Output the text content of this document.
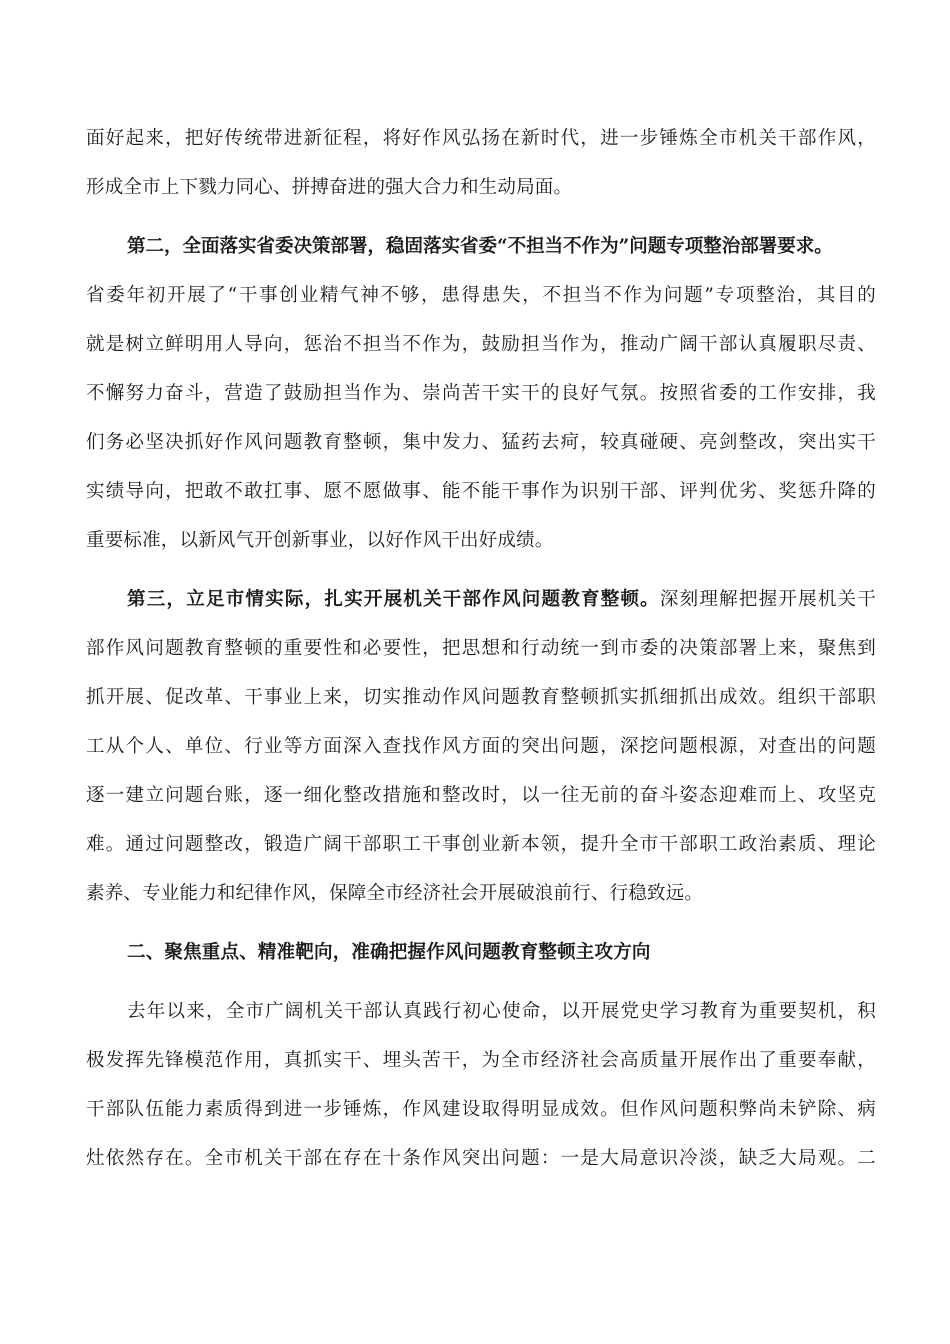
面好起来，把好传统带进新征程，将好作风弘扬在新时代，进一步锤炼全市机关干部作风，
形成全市上下戮力同心、拼搏奋进的强大合力和生动局面。
第二，全面落实省委决策部署，稳固落实省委“不担当不作为”问题专项整治部署要求。
省委年初开展了“干事创业精气神不够，患得患失，不担当不作为问题”专项整治，其目的
就是树立鲜明用人导向，惩治不担当不作为，鼓励担当作为，推动广阔干部认真履职尽责、
不懈努力奋斗，营造了鼓励担当作为、崇尚苦干实干的良好气氛。按照省委的工作安排，我
们务必坚决抓好作风问题教育整顿，集中发力、猛药去疴，较真碰硬、亮剑整改，突出实干
实绩导向，把敢不敢扛事、愿不愿做事、能不能干事作为识别干部、评判优劣、奖惩升降的
重要标准，以新风气开创新事业，以好作风干出好成绩。
第三，立足市情实际，扎实开展机关干部作风问题教育整顿。深刻理解把握开展机关干
部作风问题教育整顿的重要性和必要性，把思想和行动统一到市委的决策部署上来，聚焦到
抓开展、促改革、干事业上来，切实推动作风问题教育整顿抓实抓细抓出成效。组织干部职
工从个人、单位、行业等方面深入查找作风方面的突出问题，深挖问题根源，对查出的问题
逐一建立问题台账，逐一细化整改措施和整改时，以一往无前的奋斗姿态迎难而上、攻坚克
难。通过问题整改，锻造广阔干部职工干事创业新本领，提升全市干部职工政治素质、理论
素养、专业能力和纪律作风，保障全市经济社会开展破浪前行、行稳致远。
二、聚焦重点、精准靶向，准确把握作风问题教育整顿主攻方向
去年以来，全市广阔机关干部认真践行初心使命，以开展党史学习教育为重要契机，积
极发挥先锋模范作用，真抓实干、埋头苦干，为全市经济社会高质量开展作出了重要奉献，
干部队伍能力素质得到进一步锤炼，作风建设取得明显成效。但作风问题积弊尚未铲除、病
灶依然存在。全市机关干部在存在十条作风突出问题：一是大局意识冷淡，缺乏大局观。二
